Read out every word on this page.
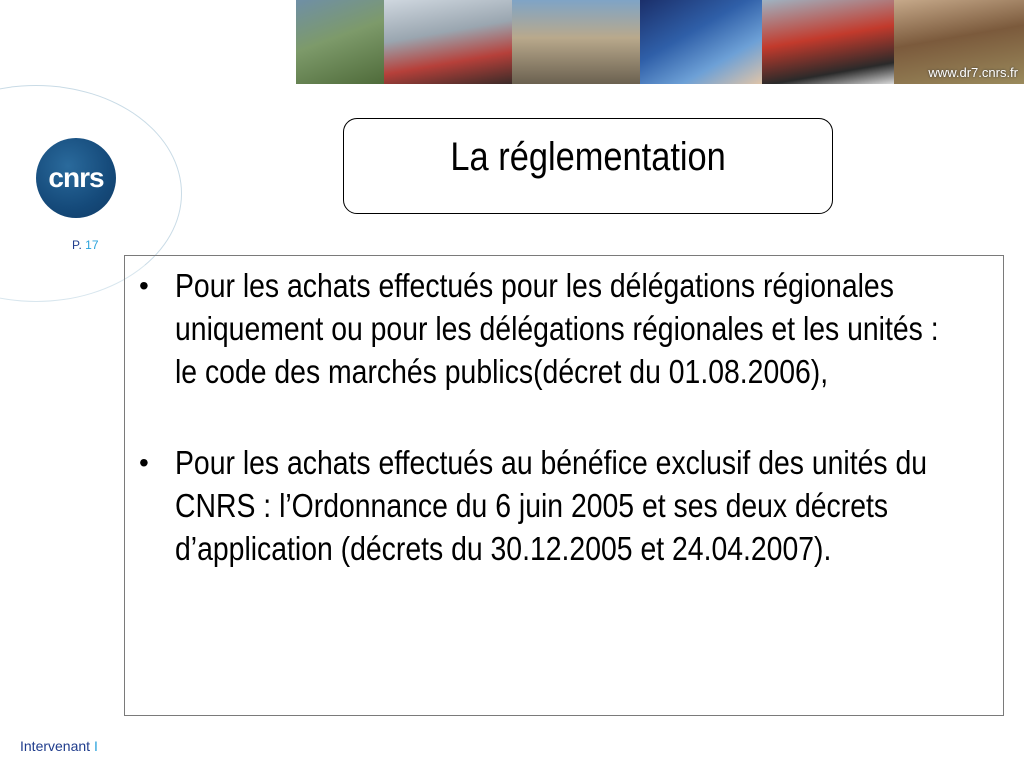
www.dr7.cnrs.fr
cnrs
P. 17
La réglementation
• Pour les achats effectués pour les délégations régionales uniquement ou pour les délégations régionales et les unités : le code des marchés publics(décret du 01.08.2006),
• Pour les achats effectués au bénéfice exclusif des unités du CNRS : l’Ordonnance du 6 juin 2005 et ses deux décrets d’application (décrets du 30.12.2005 et 24.04.2007).
Intervenant I
